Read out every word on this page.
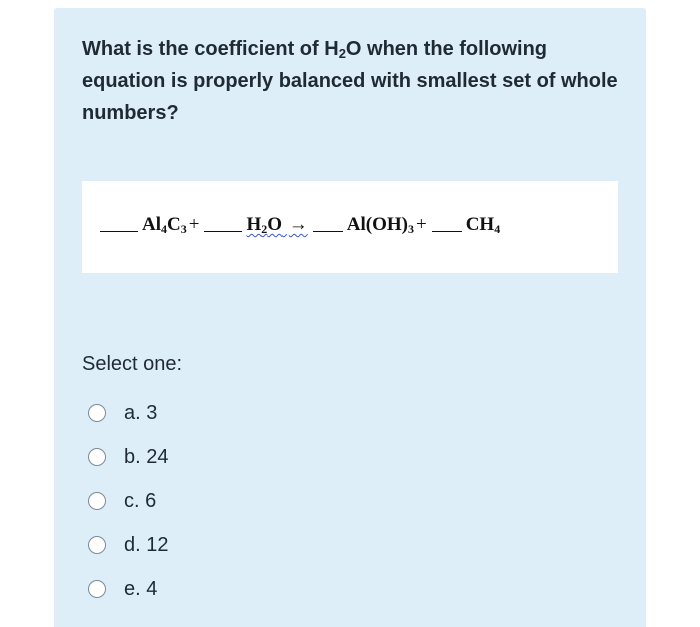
What is the coefficient of $H_2O$ when the following equation is properly balanced with smallest set of whole numbers?
$Al_4C_3 + H_2O \to Al(OH)_3 + CH_4$
Select one:
a. 3
b. 24
c. 6
d. 12
e. 4
